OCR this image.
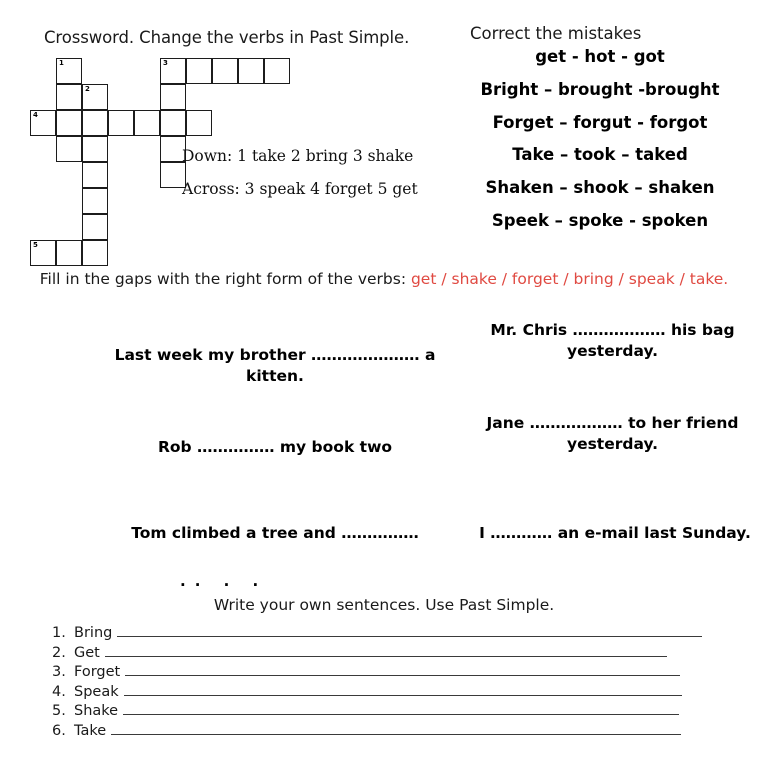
Crossword. Change the verbs in Past Simple.
1	3
2
4
5
Down: 1 take 2 bring 3 shake
Across: 3 speak 4 forget 5 get
Correct the mistakes
get - hot - got
Bright – brought -brought
Forget – forgut - forgot
Take – took – taked
Shaken – shook – shaken
Speek – spoke - spoken
Fill in the gaps with the right form of the verbs: get / shake / forget / bring / speak / take.
Last week my brother ………………… a kitten.
Rob …………… my book two
Tom climbed a tree and ……………
Mr. Chris ……………… his bag yesterday.
Jane ……………… to her friend yesterday.
I ………… an e-mail last Sunday.
.. . .
Write your own sentences. Use Past Simple.
1. Bring
2. Get
3. Forget
4. Speak
5. Shake
6. Take
